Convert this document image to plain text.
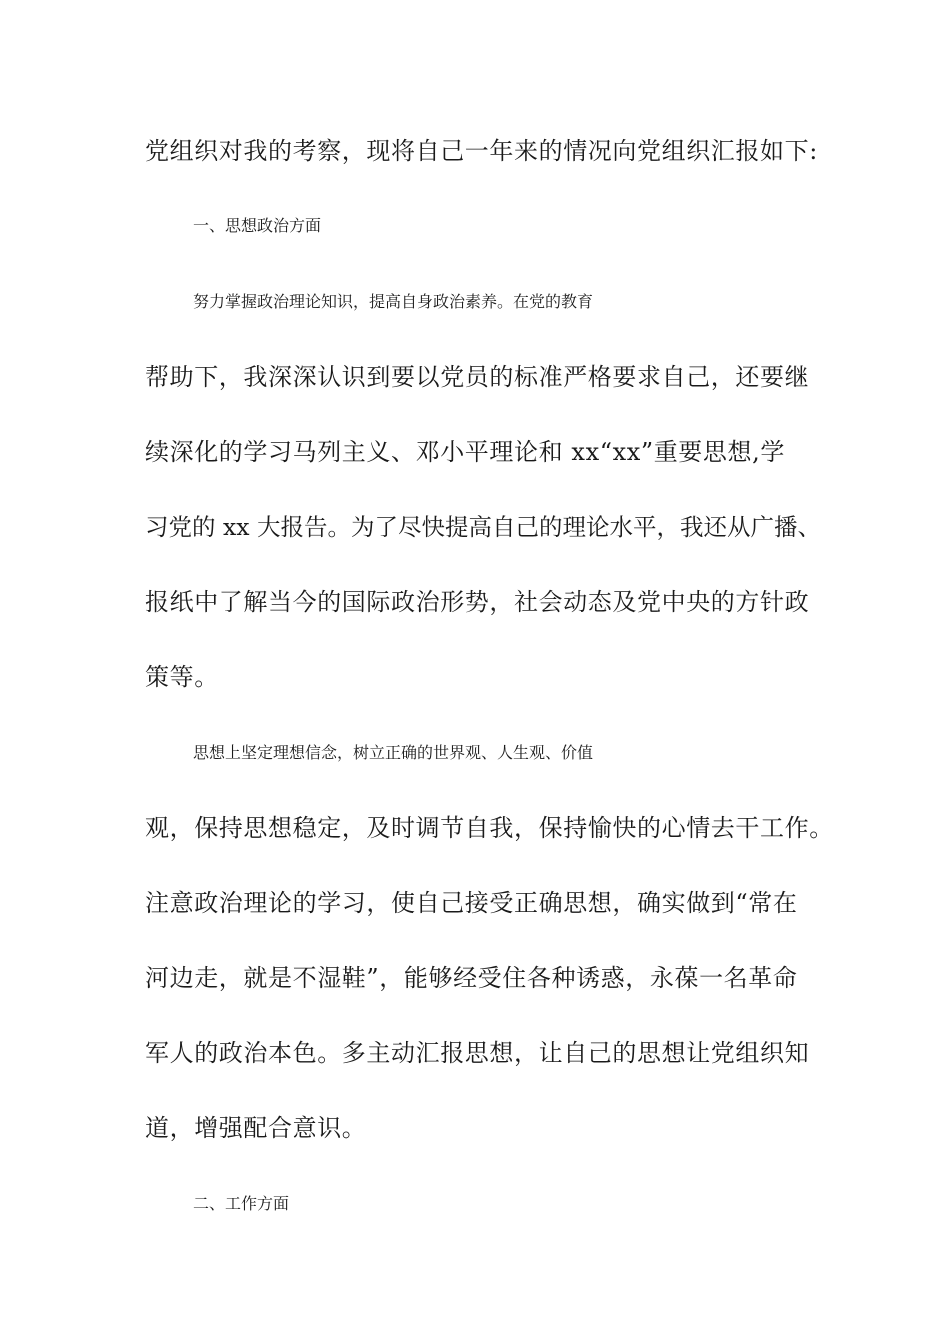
党组织对我的考察，现将自己一年来的情况向党组织汇报如下:
一、思想政治方面
努力掌握政治理论知识，提高自身政治素养。在党的教育
帮助下，我深深认识到要以党员的标准严格要求自己，还要继
续深化的学习马列主义、邓小平理论和 xx“xx”重要思想,学
习党的 xx 大报告。为了尽快提高自己的理论水平，我还从广播、
报纸中了解当今的国际政治形势，社会动态及党中央的方针政
策等。
思想上坚定理想信念，树立正确的世界观、人生观、价值
观，保持思想稳定，及时调节自我，保持愉快的心情去干工作。
注意政治理论的学习，使自己接受正确思想，确实做到“常在
河边走，就是不湿鞋”，能够经受住各种诱惑，永葆一名革命
军人的政治本色。多主动汇报思想，让自己的思想让党组织知
道，增强配合意识。
二、工作方面
